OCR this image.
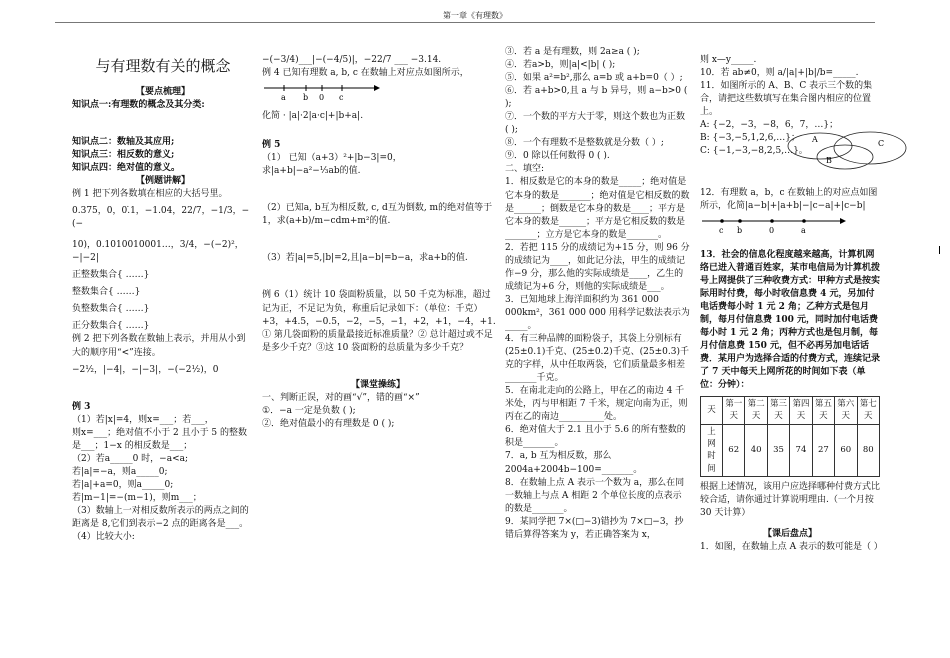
第一章《有理数》

与有理数有关的概念

【要点梳理】

知识点一:有理数的概念及其分类:

知识点二：数轴及其应用;

知识点三：相反数的意义;

知识点四：绝对值的意义。

【例题讲解】

例 1 把下列各数填在相应的大括号里。

0.375，0，0.̇1，−1.04，22/7，−1/3，−(−

10)，0.1010010001…，3/4，−(−2)²，−|−2|

正整数集合{ ……}

整数集合{ ……}

负整数集合{ ……}

正分数集合{ ……}

例 2 把下列各数在数轴上表示，并用从小到大的顺序用“<”连接。

−2½，|−4|，−|−3|，−(−2½)，0

例 3

（1）若|x|=4，则x=___；若___，

则x=___；绝对值不小于 2 且小于 5 的整数是___；1−x 的相反数是___；

（2）若a_____0 时，−a<a;

若|a|=−a，则a_____0;

若|a|+a=0，则a_____0;

若|m−1|=−(m−1)，则m___；

（3）数轴上一对相反数所表示的两点之间的距离是 8,它们到表示−2 点的距离各是___。

（4）比较大小:

−(−3/4)___|−(−4/5)|，−22/7 ___ −3.14.

例 4 已知有理数 a, b, c 在数轴上对应点如图所示，

a b 0 c

化简 · |a|·2|a·c|+|b+a|.

例 5

（1） 已知（a+3）²+|b−3|=0，

求|a+b|−a²−⅓ab的值.

（2）已知a, b互为相反数, c, d互为倒数, m的绝对值等于 1，求(a+b)/m−cdm+m²的值.

（3）若|a|=5,|b|=2,且|a−b|=b−a，求a+b的值.

例 6（1）统计 10 袋面粉质量，以 50 千克为标准，超过记为正，不足记为负，称重后记录如下：（单位：千克）+3，+4.5，−0.5，−2，−5，−1，+2，+1，−4，+1.

① 第几袋面粉的质量最接近标准质量？② 总计超过或不足是多少千克？③这 10 袋面粉的总质量为多少千克？

【课堂操练】

一、判断正误，对的画“√”，错的画“×”

①．−a 一定是负数 ( );

②．绝对值最小的有理数是 0 ( );

③．若 a 是有理数，则 2a≥a ( );

④．若a>b，则|a|<|b| ( );

⑤．如果 a²=b²,那么 a=b 或 a+b=0（ ）;

⑥．若 a+b>0,且 a 与 b 异号，则 a−b>0 ( );

⑦．一个数的平方大于零，则这个数也为正数 ( );

⑧．一个有理数不是整数就是分数（ ）;

⑨．0 除以任何数得 0 ( ).

二、填空:

1．相反数是它的本身的数是_____；绝对值是它本身的数是_______；绝对值是它相反数的数是______；倒数是它本身的数是____；平方是它本身的数是______；平方是它相反数的数是_______；立方是它本身的数是_______。

2．若把 115 分的成绩记为+15 分，则 96 分的成绩记为____，如此记分法，甲生的成绩记作−9 分，那么他的实际成绩是____，乙生的成绩记为+6 分，则他的实际成绩是___。

3．已知地球上海洋面积约为 361 000 000km²，361 000 000 用科学记数法表示为_____。

4．有三种品牌的面粉袋子，其袋上分别标有(25±0.1)千克、(25±0.2)千克、(25±0.3)千克的字样，从中任取两袋，它们质量最多相差_______千克。

5．在南北走向的公路上，甲在乙的南边 4 千米处，丙与甲相距 7 千米，规定向南为正，则丙在乙的南边__________处。

6．绝对值大于 2.1 且小于 5.6 的所有整数的积是_______。

7．a, b 互为相反数，那么 2004a+2004b−100=_______。

8．在数轴上点 A 表示一个数为 a，那么在同一数轴上与点 A 相距 2 个单位长度的点表示的数是_______。

9．某同学把 7×(□−3)错抄为 7×□−3，抄错后算得答案为 y，若正确答案为 x，

则 x—y_____.

10．若 ab≠0，则 a/|a|+|b|/b=_____.

11．如图所示的 A、B、C 表示三个数的集合，请把这些数填写在集合图内相应的位置上。

A: {−2，−3，−8，6，7，…}；

B: {−3,−5,1,2,6,…}；

C: {−1,−3,−8,2,5,…}。

A
B
C

12．有理数 a，b，c 在数轴上的对应点如图所示，化简|a−b|+|a+b|−|c−a|+|c−b|

c b	0	a

13．社会的信息化程度越来越高，计算机网络已进入普通百姓家，某市电信局为计算机拨号上网提供了三种收费方式：甲种方式是按实际用时付费，每小时收信息费 4 元，另加付电话费每小时 1 元 2 角；乙种方式是包月制，每月付信息费 100 元，同时加付电话费每小时 1 元 2 角；丙种方式也是包月制，每月付信息费 150 元，但不必再另加电话话费．某用户为选择合适的付费方式，连续记录了 7 天中每天上网所花的时间如下表（单位：分钟）：

天	第一天	第二天	第三天	第四天	第五天	第六天	第七天
上网时间	62	40	35	74	27	60	80

根据上述情况，该用户应选择哪种付费方式比较合适，请你通过计算说明理由.（一个月按 30 天计算）

【课后盘点】

1．如图，在数轴上点 A 表示的数可能是（ ）
